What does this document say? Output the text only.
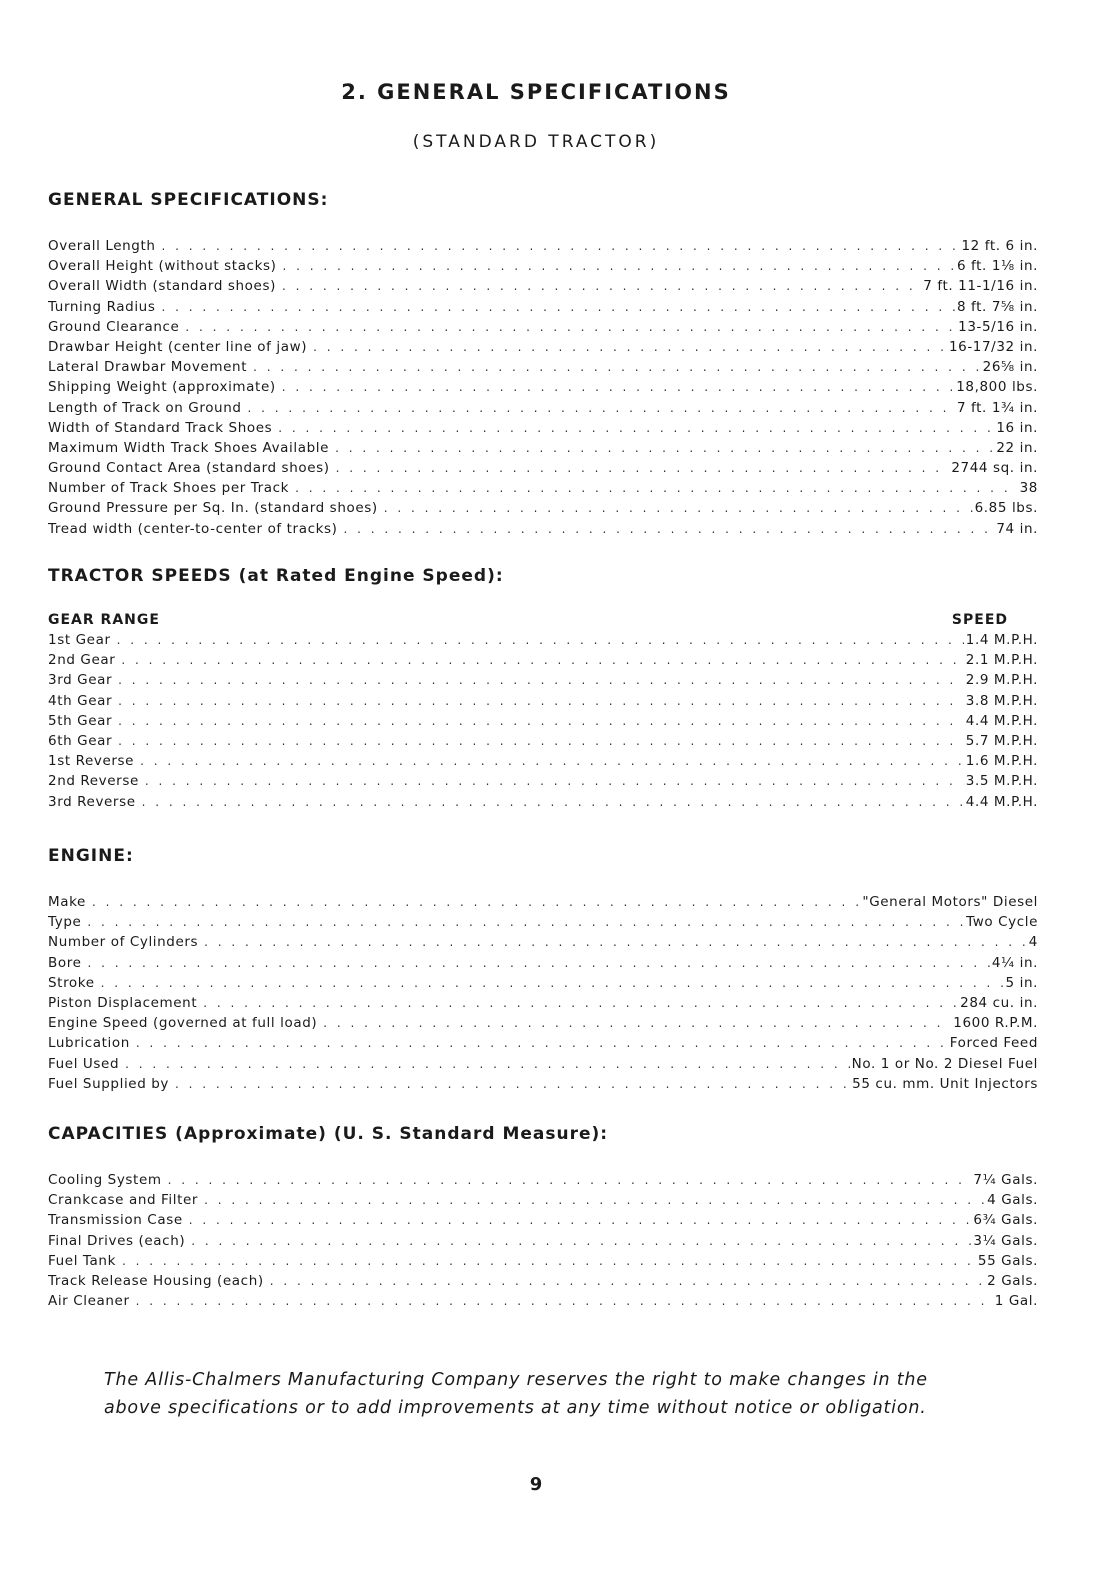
2. GENERAL SPECIFICATIONS
(STANDARD TRACTOR)
GENERAL SPECIFICATIONS:
Overall Length . . .	12 ft. 6 in.
Overall Height (without stacks) . . .	6 ft. 1⅛ in.
Overall Width (standard shoes) . . .	7 ft. 11-1/16 in.
Turning Radius . . .	8 ft. 7⅝ in.
Ground Clearance . . .	13-5/16 in.
Drawbar Height (center line of jaw) . . .	16-17/32 in.
Lateral Drawbar Movement . . .	26⅝ in.
Shipping Weight (approximate) . . .	18,800 lbs.
Length of Track on Ground . . .	7 ft. 1¾ in.
Width of Standard Track Shoes . . .	16 in.
Maximum Width Track Shoes Available . . .	22 in.
Ground Contact Area (standard shoes) . . .	2744 sq. in.
Number of Track Shoes per Track . . .	38
Ground Pressure per Sq. In. (standard shoes) . . .	6.85 lbs.
Tread width (center-to-center of tracks) . . .	74 in.
TRACTOR SPEEDS (at Rated Engine Speed):
GEAR RANGE	SPEED
1st Gear . . .	1.4 M.P.H.
2nd Gear . . .	2.1 M.P.H.
3rd Gear . . .	2.9 M.P.H.
4th Gear . . .	3.8 M.P.H.
5th Gear . . .	4.4 M.P.H.
6th Gear . . .	5.7 M.P.H.
1st Reverse . . .	1.6 M.P.H.
2nd Reverse . . .	3.5 M.P.H.
3rd Reverse . . .	4.4 M.P.H.
ENGINE:
Make . . .	"General Motors" Diesel
Type . . .	Two Cycle
Number of Cylinders . . .	4
Bore . . .	4¼ in.
Stroke . . .	5 in.
Piston Displacement . . .	284 cu. in.
Engine Speed (governed at full load) . . .	1600 R.P.M.
Lubrication . . .	Forced Feed
Fuel Used . . .	No. 1 or No. 2 Diesel Fuel
Fuel Supplied by . . .	55 cu. mm. Unit Injectors
CAPACITIES (Approximate) (U. S. Standard Measure):
Cooling System . . .	7¼ Gals.
Crankcase and Filter . . .	4 Gals.
Transmission Case . . .	6¾ Gals.
Final Drives (each) . . .	3¼ Gals.
Fuel Tank . . .	55 Gals.
Track Release Housing (each) . . .	2 Gals.
Air Cleaner . . .	1 Gal.
The Allis-Chalmers Manufacturing Company reserves the right to make changes in the above specifications or to add improvements at any time without notice or obligation.
9
